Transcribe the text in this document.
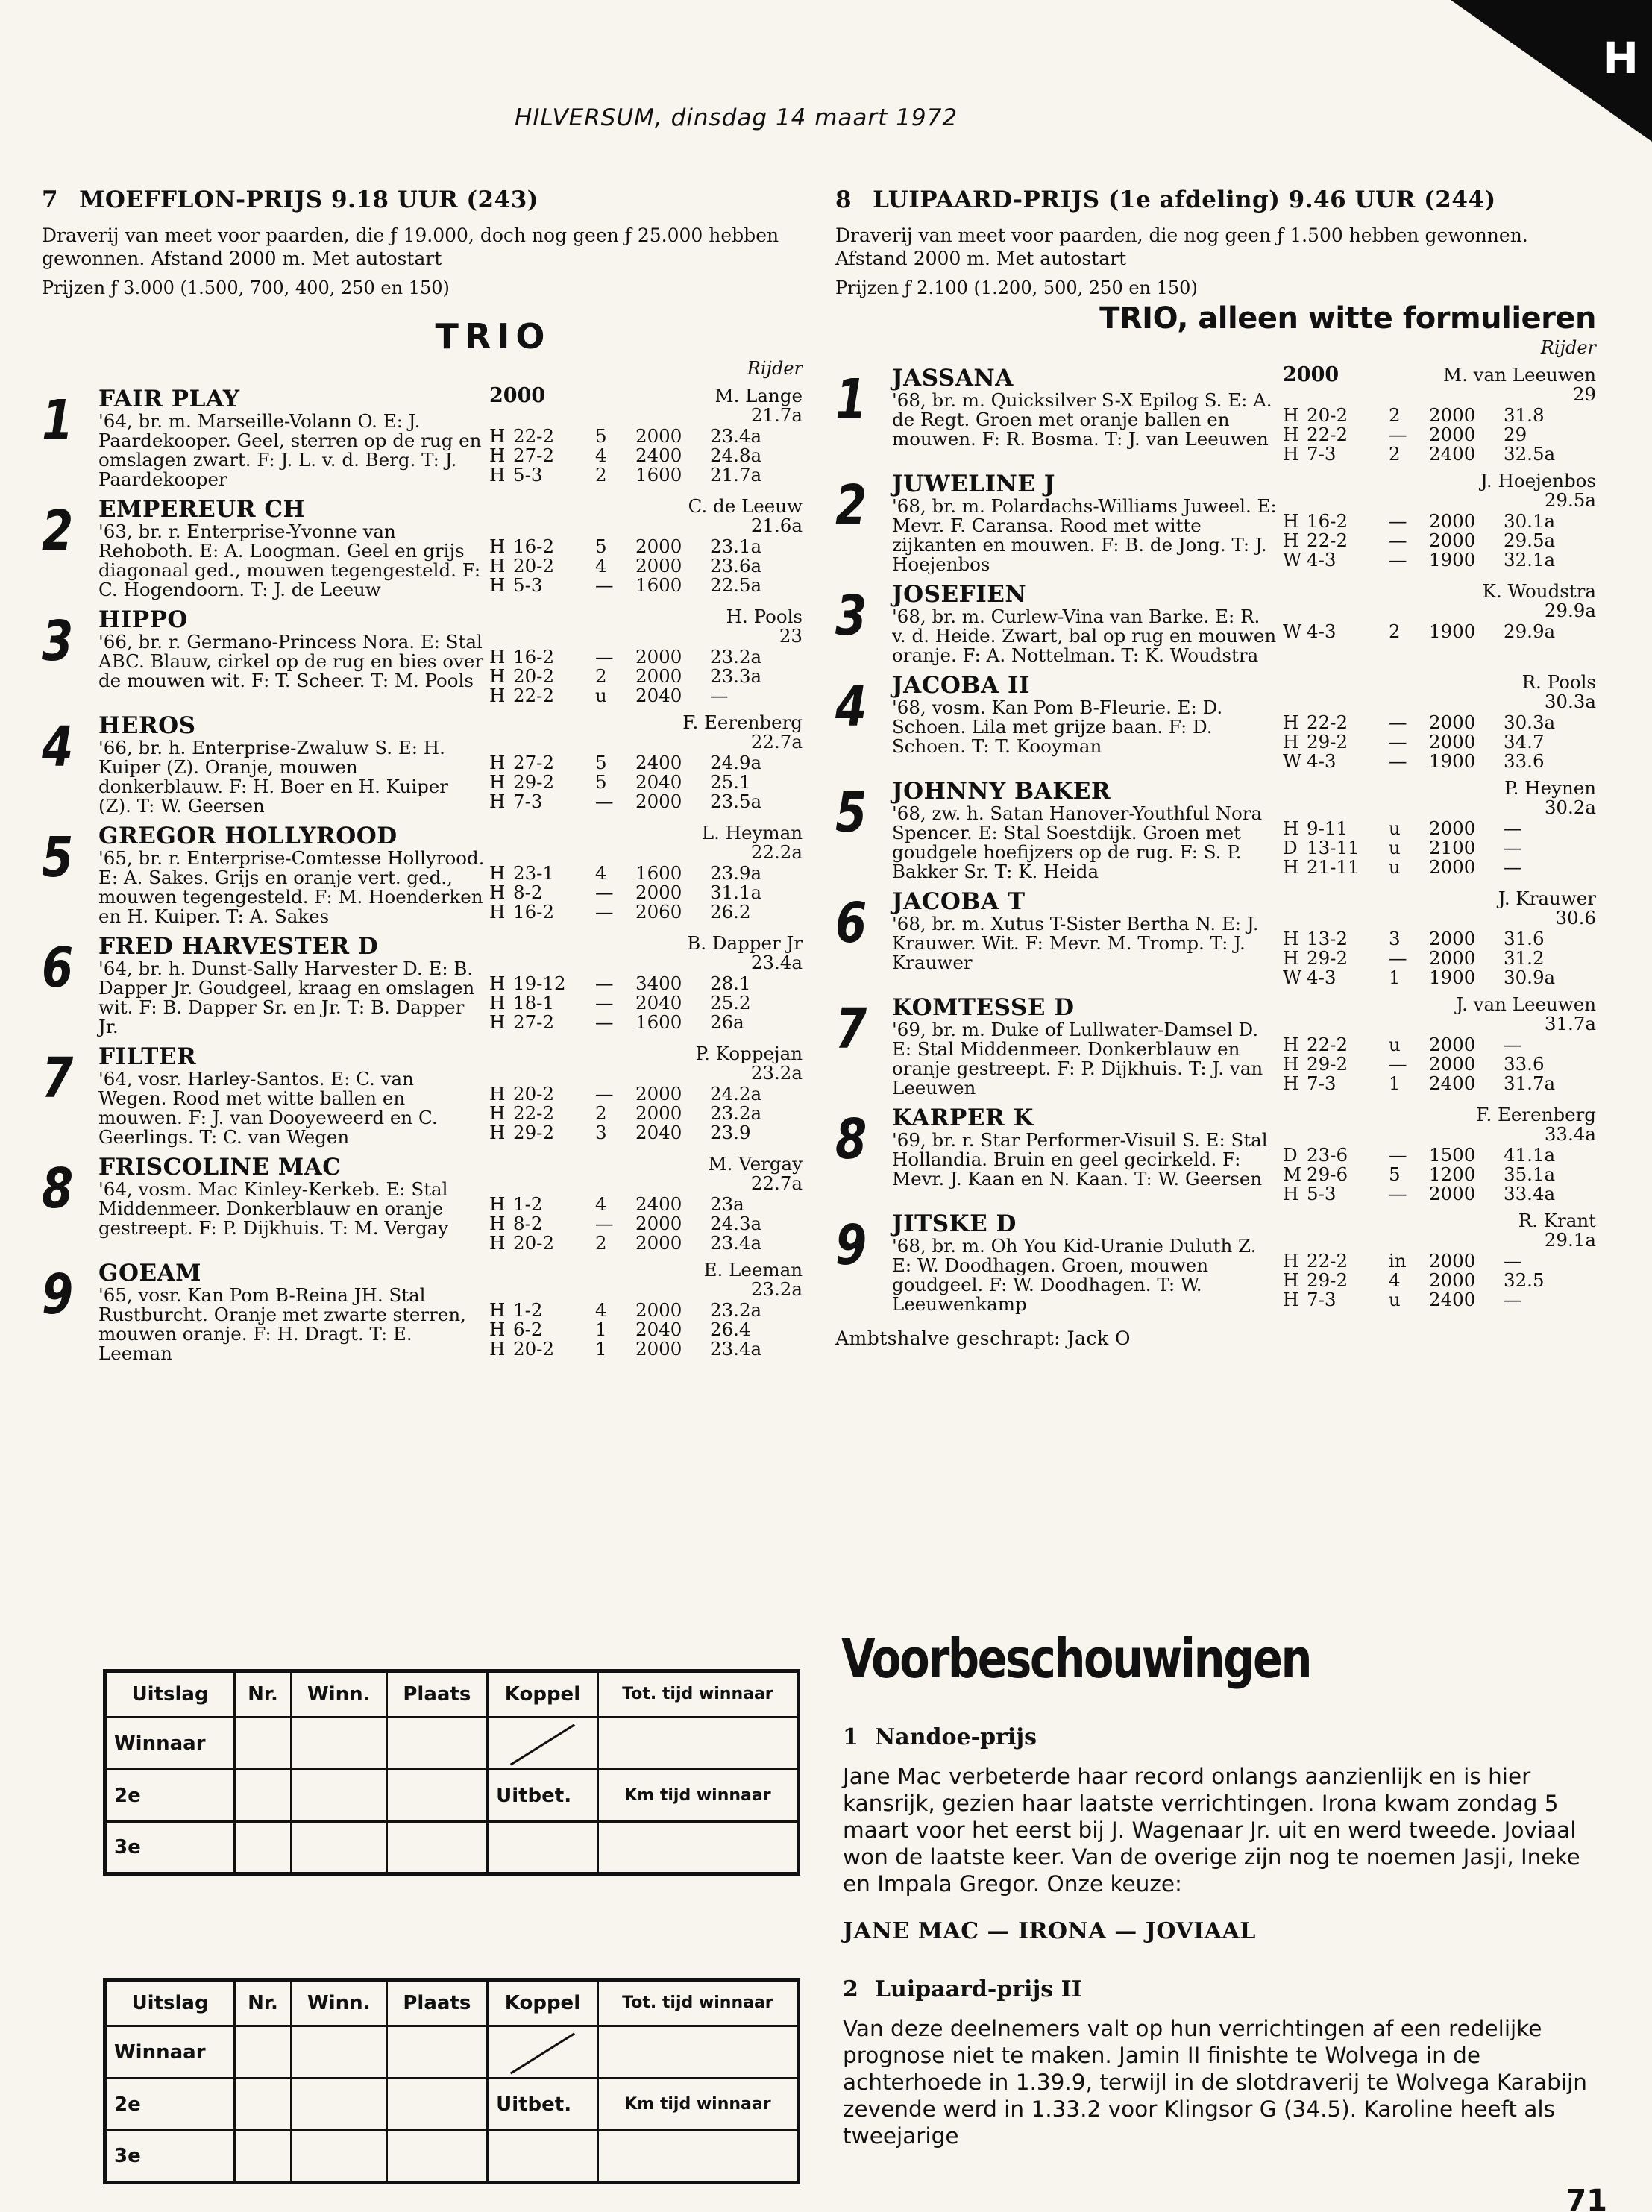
H
HILVERSUM, dinsdag 14 maart 1972
7 MOEFFLON-PRIJS 9.18 UUR (243)
Draverij van meet voor paarden, die ƒ 19.000, doch nog geen ƒ 25.000 hebben gewonnen. Afstand 2000 m. Met autostart
Prijzen ƒ 3.000 (1.500, 700, 400, 250 en 150)
TRIO
Rijder
1	FAIR PLAY
'64, br. m. Marseille-Volann O. E: J. Paardekooper. Geel, sterren op de rug en omslagen zwart. F: J. L. v. d. Berg. T: J. Paardekooper
2000	M. Lange
21.7a
H 22-2	5	2000	23.4a
H 27-2	4	2400	24.8a
H 5-3	2	1600	21.7a
2	EMPEREUR CH
'63, br. r. Enterprise-Yvonne van Rehoboth. E: A. Loogman. Geel en grijs diagonaal ged., mouwen tegengesteld. F: C. Hogendoorn. T: J. de Leeuw
C. de Leeuw
21.6a
H 16-2	5	2000	23.1a
H 20-2	4	2000	23.6a
H 5-3	—	1600	22.5a
3	HIPPO
'66, br. r. Germano-Princess Nora. E: Stal ABC. Blauw, cirkel op de rug en bies over de mouwen wit. F: T. Scheer. T: M. Pools
H. Pools
23
H 16-2	—	2000	23.2a
H 20-2	2	2000	23.3a
H 22-2	u	2040	—
4	HEROS
'66, br. h. Enterprise-Zwaluw S. E: H. Kuiper (Z). Oranje, mouwen donkerblauw. F: H. Boer en H. Kuiper (Z). T: W. Geersen
F. Eerenberg
22.7a
H 27-2	5	2400	24.9a
H 29-2	5	2040	25.1
H 7-3	—	2000	23.5a
5	GREGOR HOLLYROOD
'65, br. r. Enterprise-Comtesse Hollyrood. E: A. Sakes. Grijs en oranje vert. ged., mouwen tegengesteld. F: M. Hoenderken en H. Kuiper. T: A. Sakes
L. Heyman
22.2a
H 23-1	4	1600	23.9a
H 8-2	—	2000	31.1a
H 16-2	—	2060	26.2
6	FRED HARVESTER D
'64, br. h. Dunst-Sally Harvester D. E: B. Dapper Jr. Goudgeel, kraag en omslagen wit. F: B. Dapper Sr. en Jr. T: B. Dapper Jr.
B. Dapper Jr
23.4a
H 19-12	—	3400	28.1
H 18-1	—	2040	25.2
H 27-2	—	1600	26a
7	FILTER
'64, vosr. Harley-Santos. E: C. van Wegen. Rood met witte ballen en mouwen. F: J. van Dooyeweerd en C. Geerlings. T: C. van Wegen
P. Koppejan
23.2a
H 20-2	—	2000	24.2a
H 22-2	2	2000	23.2a
H 29-2	3	2040	23.9
8	FRISCOLINE MAC
'64, vosm. Mac Kinley-Kerkeb. E: Stal Middenmeer. Donkerblauw en oranje gestreept. F: P. Dijkhuis. T: M. Vergay
M. Vergay
22.7a
H 1-2	4	2400	23a
H 8-2	—	2000	24.3a
H 20-2	2	2000	23.4a
9	GOEAM
'65, vosr. Kan Pom B-Reina JH. Stal Rustburcht. Oranje met zwarte sterren, mouwen oranje. F: H. Dragt. T: E. Leeman
E. Leeman
23.2a
H 1-2	4	2000	23.2a
H 6-2	1	2040	26.4
H 20-2	1	2000	23.4a
8 LUIPAARD-PRIJS (1e afdeling) 9.46 UUR (244)
Draverij van meet voor paarden, die nog geen ƒ 1.500 hebben gewonnen. Afstand 2000 m. Met autostart
Prijzen ƒ 2.100 (1.200, 500, 250 en 150)
TRIO, alleen witte formulieren
Rijder
1	JASSANA
'68, br. m. Quicksilver S-X Epilog S. E: A. de Regt. Groen met oranje ballen en mouwen. F: R. Bosma. T: J. van Leeuwen
2000	M. van Leeuwen
29
H 20-2	2	2000	31.8
H 22-2	—	2000	29
H 7-3	2	2400	32.5a
2	JUWELINE J
'68, br. m. Polardachs-Williams Juweel. E: Mevr. F. Caransa. Rood met witte zijkanten en mouwen. F: B. de Jong. T: J. Hoejenbos
J. Hoejenbos
29.5a
H 16-2	—	2000	30.1a
H 22-2	—	2000	29.5a
W 4-3	—	1900	32.1a
3	JOSEFIEN
'68, br. m. Curlew-Vina van Barke. E: R. v. d. Heide. Zwart, bal op rug en mouwen oranje. F: A. Nottelman. T: K. Woudstra
K. Woudstra
29.9a
W 4-3	2	1900	29.9a
4	JACOBA II
'68, vosm. Kan Pom B-Fleurie. E: D. Schoen. Lila met grijze baan. F: D. Schoen. T: T. Kooyman
R. Pools
30.3a
H 22-2	—	2000	30.3a
H 29-2	—	2000	34.7
W 4-3	—	1900	33.6
5	JOHNNY BAKER
'68, zw. h. Satan Hanover-Youthful Nora Spencer. E: Stal Soestdijk. Groen met goudgele hoefijzers op de rug. F: S. P. Bakker Sr. T: K. Heida
P. Heynen
30.2a
H 9-11	u	2000	—
D 13-11	u	2100	—
H 21-11	u	2000	—
6	JACOBA T
'68, br. m. Xutus T-Sister Bertha N. E: J. Krauwer. Wit. F: Mevr. M. Tromp. T: J. Krauwer
J. Krauwer
30.6
H 13-2	3	2000	31.6
H 29-2	—	2000	31.2
W 4-3	1	1900	30.9a
7	KOMTESSE D
'69, br. m. Duke of Lullwater-Damsel D. E: Stal Middenmeer. Donkerblauw en oranje gestreept. F: P. Dijkhuis. T: J. van Leeuwen
J. van Leeuwen
31.7a
H 22-2	u	2000	—
H 29-2	—	2000	33.6
H 7-3	1	2400	31.7a
8	KARPER K
'69, br. r. Star Performer-Visuil S. E: Stal Hollandia. Bruin en geel gecirkeld. F: Mevr. J. Kaan en N. Kaan. T: W. Geersen
F. Eerenberg
33.4a
D 23-6	—	1500	41.1a
M 29-6	5	1200	35.1a
H 5-3	—	2000	33.4a
9	JITSKE D
'68, br. m. Oh You Kid-Uranie Duluth Z. E: W. Doodhagen. Groen, mouwen goudgeel. F: W. Doodhagen. T: W. Leeuwenkamp
R. Krant
29.1a
H 22-2	in	2000	—
H 29-2	4	2000	32.5
H 7-3	u	2400	—
Ambtshalve geschrapt: Jack O
Uitslag	Nr.	Winn.	Plaats	Koppel	Tot. tijd winnaar
Winnaar					
2e				Uitbet.	Km tijd winnaar
3e					
Uitslag	Nr.	Winn.	Plaats	Koppel	Tot. tijd winnaar
Winnaar					
2e				Uitbet.	Km tijd winnaar
3e					
Voorbeschouwingen
1 Nandoe-prijs

Jane Mac verbeterde haar record onlangs aanzienlijk en is hier kansrijk, gezien haar laatste verrichtingen. Irona kwam zondag 5 maart voor het eerst bij J. Wagenaar Jr. uit en werd tweede. Joviaal won de laatste keer. Van de overige zijn nog te noemen Jasji, Ineke en Impala Gregor. Onze keuze:

JANE MAC — IRONA — JOVIAAL
2 Luipaard-prijs II

Van deze deelnemers valt op hun verrichtingen af een redelijke prognose niet te maken. Jamin II finishte te Wolvega in de achterhoede in 1.39.9, terwijl in de slotdraverij te Wolvega Karabijn zevende werd in 1.33.2 voor Klingsor G (34.5). Karoline heeft als tweejarige

71
